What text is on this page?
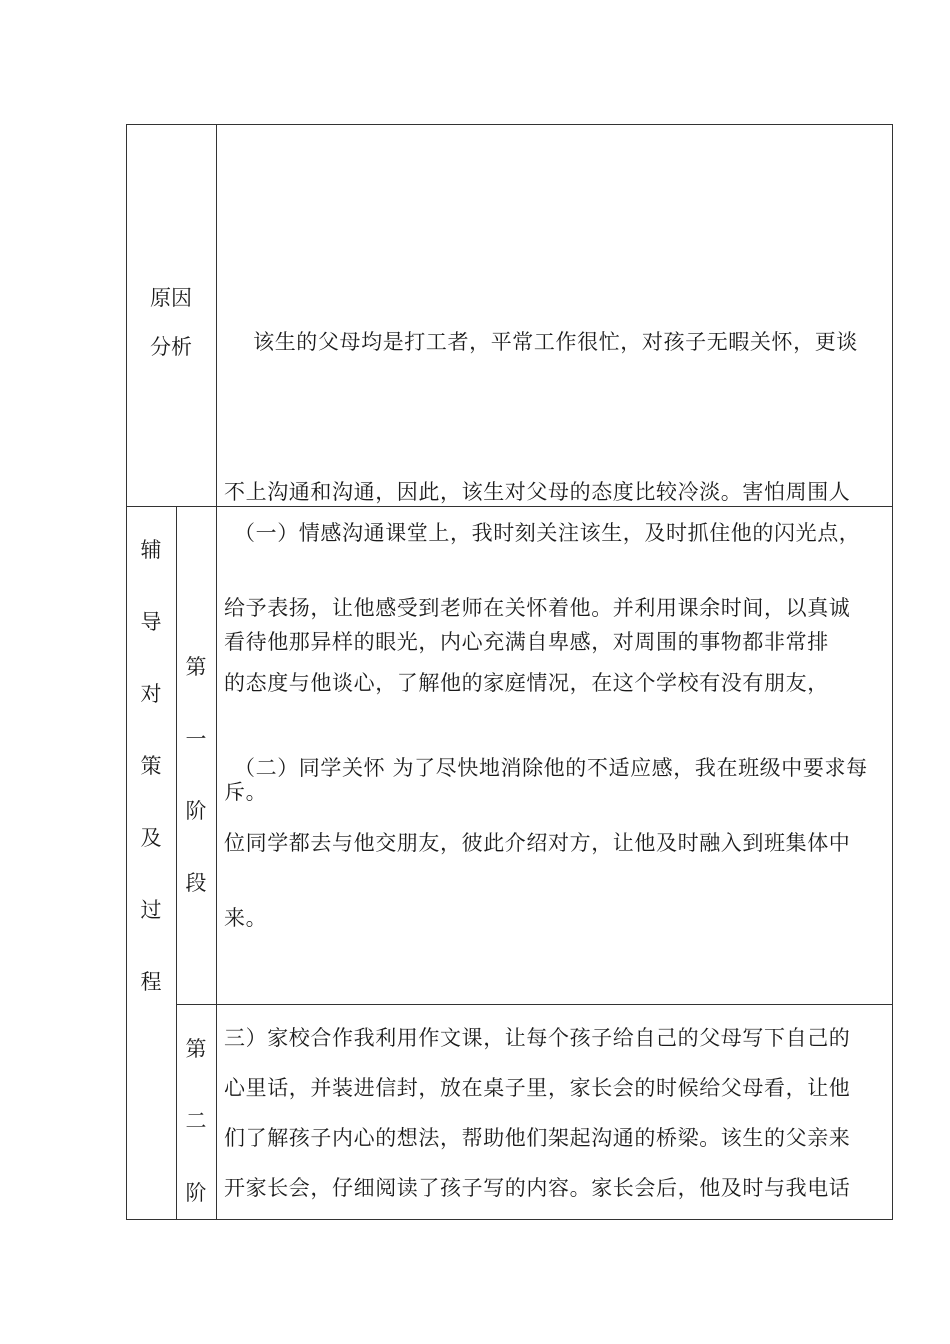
原因
分析

	该生的父母均是打工者，平常工作很忙，对孩子无暇关怀，更谈

不上沟通和沟通，因此，该生对父母的态度比较冷淡。害怕周围人

看待他那异样的眼光，内心充满自卑感，对周围的事物都非常排

斥。

辅
导
对
策
及
过
程
第
一
阶
段
（一）情感沟通课堂上，我时刻关注该生，及时抓住他的闪光点，
给予表扬，让他感受到老师在关怀着他。并利用课余时间，以真诚
的态度与他谈心，了解他的家庭情况，在这个学校有没有朋友，
（二）同学关怀 为了尽快地消除他的不适应感，我在班级中要求每
位同学都去与他交朋友，彼此介绍对方，让他及时融入到班集体中
来。
第
二
阶
三）家校合作我利用作文课，让每个孩子给自己的父母写下自己的
心里话，并装进信封，放在桌子里，家长会的时候给父母看，让他
们了解孩子内心的想法，帮助他们架起沟通的桥梁。该生的父亲来
开家长会，仔细阅读了孩子写的内容。家长会后，他及时与我电话
